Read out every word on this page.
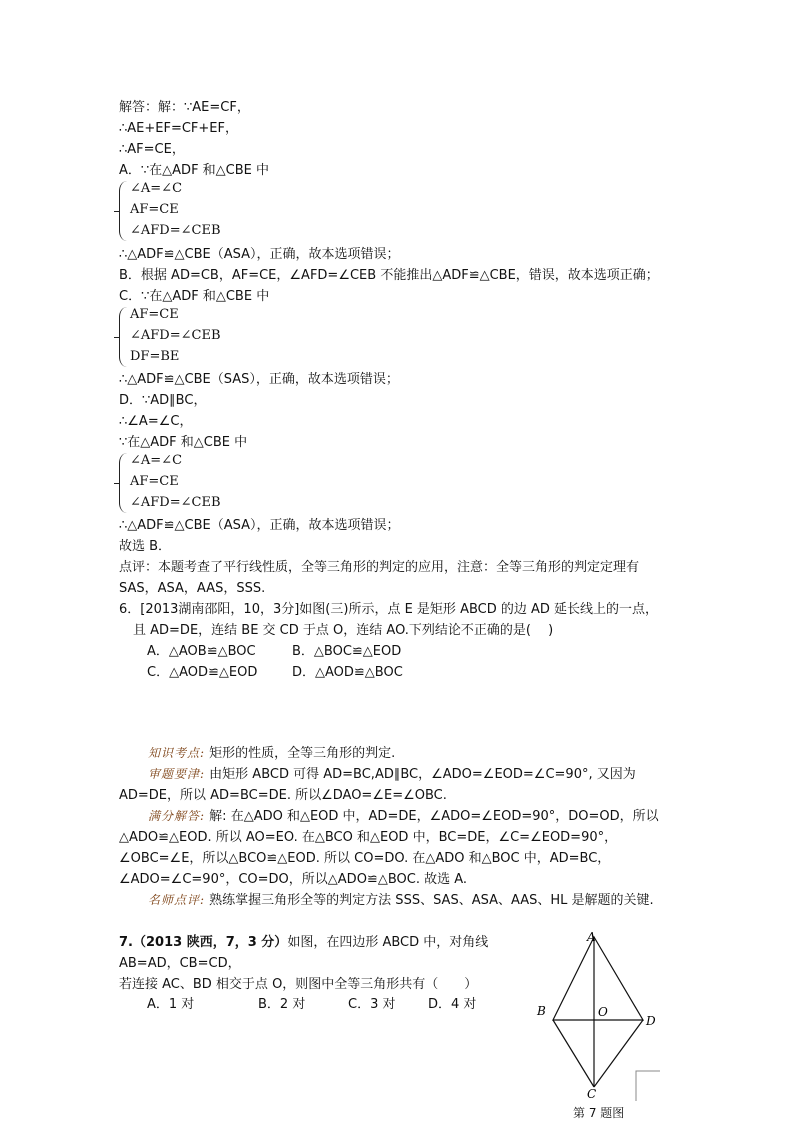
解答：解：∵AE=CF，
∴AE+EF=CF+EF，
∴AF=CE，
A．∵在△ADF 和△CBE 中
∠A=∠C
AF=CE
∠AFD=∠CEB
∴△ADF≌△CBE（ASA），正确，故本选项错误；
B．根据 AD=CB，AF=CE，∠AFD=∠CEB 不能推出△ADF≌△CBE，错误，故本选项正确；
C．∵在△ADF 和△CBE 中
AF=CE
∠AFD=∠CEB
DF=BE
∴△ADF≌△CBE（SAS），正确，故本选项错误；
D．∵AD∥BC，
∴∠A=∠C，
∵在△ADF 和△CBE 中
∠A=∠C
AF=CE
∠AFD=∠CEB
∴△ADF≌△CBE（ASA），正确，故本选项错误；
故选 B．
点评：本题考查了平行线性质，全等三角形的判定的应用，注意：全等三角形的判定定理有
SAS，ASA，AAS，SSS.
6．[2013湖南邵阳，10，3分]如图(三)所示，点 E 是矩形 ABCD 的边 AD 延长线上的一点，
且 AD=DE，连结 BE 交 CD 于点 O，连结 AO.下列结论不正确的是(　 )
A．△AOB≌△BOC	B．△BOC≌△EOD
C．△AOD≌△EOD	D．△AOD≌△BOC
知识考点: 矩形的性质，全等三角形的判定.
审题要津: 由矩形 ABCD 可得 AD=BC,AD∥BC，∠ADO=∠EOD=∠C=90°, 又因为 AD=DE，所以 AD=BC=DE. 所以∠DAO=∠E=∠OBC.
满分解答: 解: 在△ADO 和△EOD 中，AD=DE，∠ADO=∠EOD=90°，DO=OD，所以△ADO≌△EOD. 所以 AO=EO. 在△BCO 和△EOD 中，BC=DE，∠C=∠EOD=90°，∠OBC=∠E，所以△BCO≌△EOD. 所以 CO=DO. 在△ADO 和△BOC 中，AD=BC，∠ADO=∠C=90°，CO=DO，所以△ADO≌△BOC. 故选 A.
名师点评: 熟练掌握三角形全等的判定方法 SSS、SAS、ASA、AAS、HL 是解题的关键.
7.（2013 陕西，7，3 分）如图，在四边形 ABCD 中，对角线
AB=AD，CB=CD，
若连接 AC、BD 相交于点 O，则图中全等三角形共有（　　）
A．1 对	B．2 对	C．3 对	D．4 对
A
B
D
C
O
第 7 题图
